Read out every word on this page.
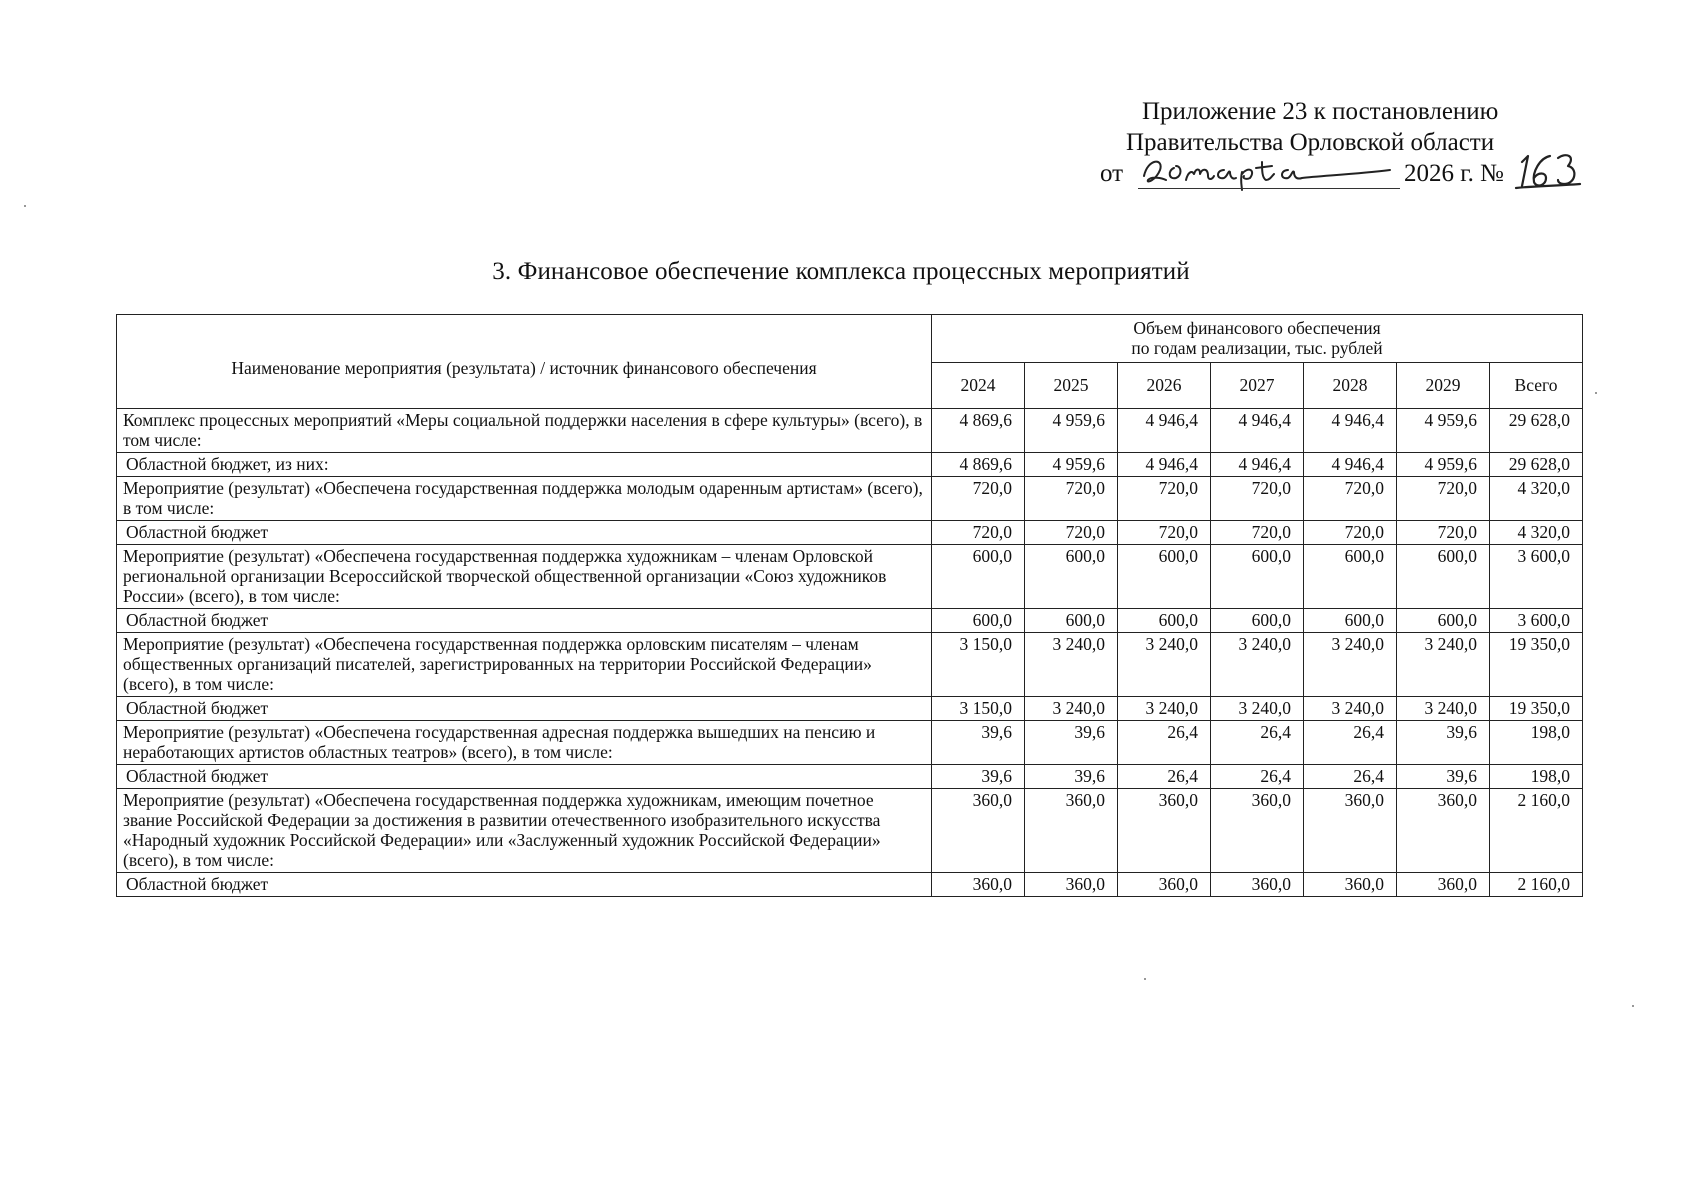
Приложение 23 к постановлению
Правительства Орловской области
от	2026 г. №
3. Финансовое обеспечение комплекса процессных мероприятий
Наименование мероприятия (результата) / источник финансового обеспечения	Объем финансового обеспечения
по годам реализации, тыс. рублей						

	2024	2025	2026	2027	2028	2029	Всего
Комплекс процессных мероприятий «Меры социальной поддержки населения в сфере культуры» (всего), в том числе:	4 869,6	4 959,6	4 946,4	4 946,4	4 946,4	4 959,6	29 628,0
Областной бюджет, из них:	4 869,6	4 959,6	4 946,4	4 946,4	4 946,4	4 959,6	29 628,0
Мероприятие (результат) «Обеспечена государственная поддержка молодым одаренным артистам» (всего), в том числе:	720,0	720,0	720,0	720,0	720,0	720,0	4 320,0
Областной бюджет	720,0	720,0	720,0	720,0	720,0	720,0	4 320,0
Мероприятие (результат) «Обеспечена государственная поддержка художникам – членам Орловской региональной организации Всероссийской творческой общественной организации «Союз художников России» (всего), в том числе:	600,0	600,0	600,0	600,0	600,0	600,0	3 600,0
Областной бюджет	600,0	600,0	600,0	600,0	600,0	600,0	3 600,0
Мероприятие (результат) «Обеспечена государственная поддержка орловским писателям – членам общественных организаций писателей, зарегистрированных на территории Российской Федерации» (всего), в том числе:	3 150,0	3 240,0	3 240,0	3 240,0	3 240,0	3 240,0	19 350,0
Областной бюджет	3 150,0	3 240,0	3 240,0	3 240,0	3 240,0	3 240,0	19 350,0
Мероприятие (результат) «Обеспечена государственная адресная поддержка вышедших на пенсию и неработающих артистов областных театров» (всего), в том числе:	39,6	39,6	26,4	26,4	26,4	39,6	198,0
Областной бюджет	39,6	39,6	26,4	26,4	26,4	39,6	198,0
Мероприятие (результат) «Обеспечена государственная поддержка художникам, имеющим почетное звание Российской Федерации за достижения в развитии отечественного изобразительного искусства «Народный художник Российской Федерации» или «Заслуженный художник Российской Федерации» (всего), в том числе:	360,0	360,0	360,0	360,0	360,0	360,0	2 160,0
Областной бюджет	360,0	360,0	360,0	360,0	360,0	360,0	2 160,0
